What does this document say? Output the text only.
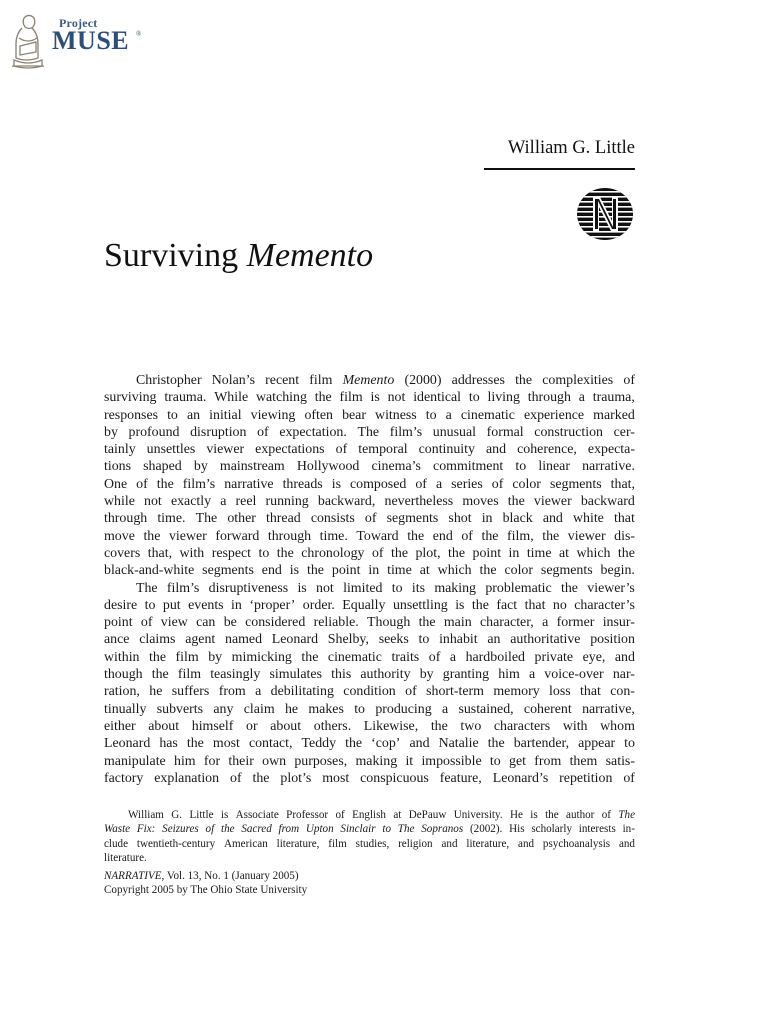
Project
MUSE ®
William G. Little
Surviving Memento
Christopher Nolan’s recent film Memento (2000) addresses the complexities of
surviving trauma. While watching the film is not identical to living through a trauma,
responses to an initial viewing often bear witness to a cinematic experience marked
by profound disruption of expectation. The film’s unusual formal construction cer-
tainly unsettles viewer expectations of temporal continuity and coherence, expecta-
tions shaped by mainstream Hollywood cinema’s commitment to linear narrative.
One of the film’s narrative threads is composed of a series of color segments that,
while not exactly a reel running backward, nevertheless moves the viewer backward
through time. The other thread consists of segments shot in black and white that
move the viewer forward through time. Toward the end of the film, the viewer dis-
covers that, with respect to the chronology of the plot, the point in time at which the
black-and-white segments end is the point in time at which the color segments begin.
The film’s disruptiveness is not limited to its making problematic the viewer’s
desire to put events in ‘proper’ order. Equally unsettling is the fact that no character’s
point of view can be considered reliable. Though the main character, a former insur-
ance claims agent named Leonard Shelby, seeks to inhabit an authoritative position
within the film by mimicking the cinematic traits of a hardboiled private eye, and
though the film teasingly simulates this authority by granting him a voice-over nar-
ration, he suffers from a debilitating condition of short-term memory loss that con-
tinually subverts any claim he makes to producing a sustained, coherent narrative,
either about himself or about others. Likewise, the two characters with whom
Leonard has the most contact, Teddy the ‘cop’ and Natalie the bartender, appear to
manipulate him for their own purposes, making it impossible to get from them satis-
factory explanation of the plot’s most conspicuous feature, Leonard’s repetition of
William G. Little is Associate Professor of English at DePauw University. He is the author of The
Waste Fix: Seizures of the Sacred from Upton Sinclair to The Sopranos (2002). His scholarly interests in-
clude twentieth-century American literature, film studies, religion and literature, and psychoanalysis and
literature.
NARRATIVE, Vol. 13, No. 1 (January 2005)
Copyright 2005 by The Ohio State University
